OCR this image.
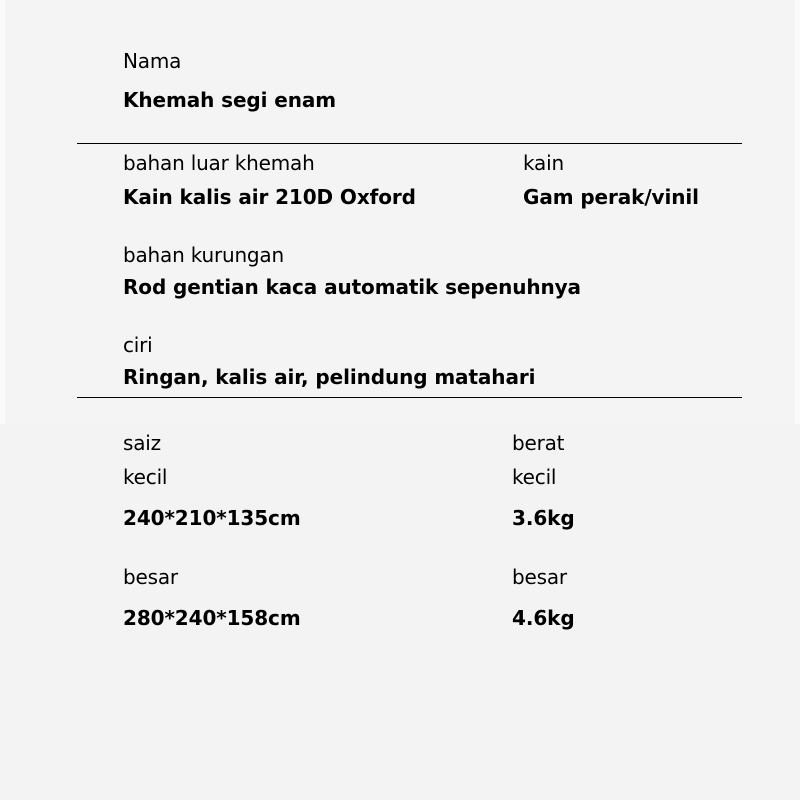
Nama
Khemah segi enam
bahan luar khemah
Kain kalis air 210D Oxford
kain
Gam perak/vinil
bahan kurungan
Rod gentian kaca automatik sepenuhnya
ciri
Ringan, kalis air, pelindung matahari
saiz
kecil
240*210*135cm
besar
280*240*158cm
berat
kecil
3.6kg
besar
4.6kg
